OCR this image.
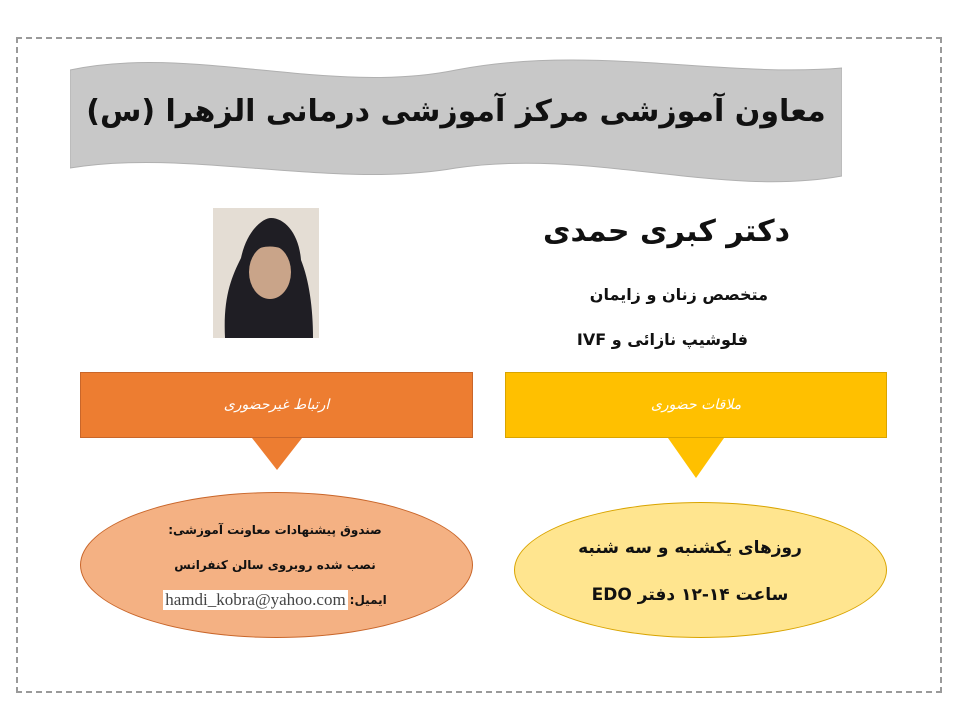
معاون آموزشی مرکز آموزشی درمانی الزهرا (س)
دکتر کبری حمدی
متخصص زنان و زایمان
فلوشیپ نازائی و IVF
ارتباط غیرحضوری	ملاقات حضوری
صندوق پیشنهادات معاونت آموزشی:
نصب شده روبروی سالن کنفرانس
ایمیل:
hamdi_kobra@yahoo.com
روزهای یکشنبه و سه شنبه
ساعت ۱۴-۱۲ دفتر EDO
